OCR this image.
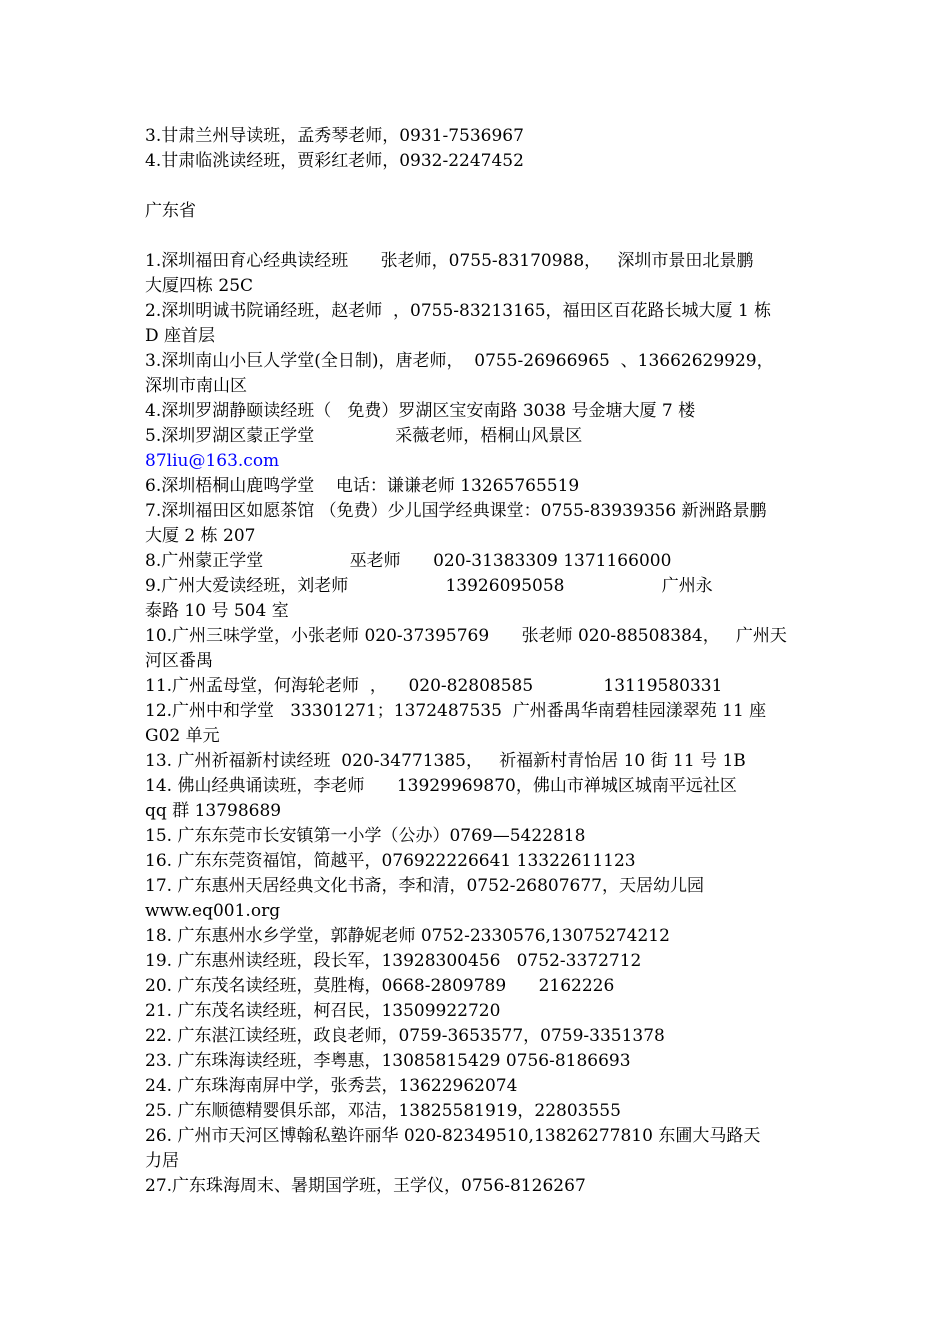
3.甘肃兰州导读班，孟秀琴老师，0931-7536967
4.甘肃临洮读经班，贾彩红老师，0932-2247452
广东省
1.深圳福田育心经典读经班      张老师，0755-83170988，   深圳市景田北景鹏
大厦四栋 25C
2.深圳明诚书院诵经班，赵老师  ，0755-83213165，福田区百花路长城大厦 1 栋
D 座首层
3.深圳南山小巨人学堂(全日制)，唐老师，  0755-26966965  、13662629929，
深圳市南山区
4.深圳罗湖静颐读经班（   免费）罗湖区宝安南路 3038 号金塘大厦 7 楼
5.深圳罗湖区蒙正学堂               采薇老师，梧桐山风景区
87liu@163.com
6.深圳梧桐山鹿鸣学堂    电话：谦谦老师 13265765519
7.深圳福田区如愿茶馆 （免费）少儿国学经典课堂：0755-83939356 新洲路景鹏
大厦 2 栋 207
8.广州蒙正学堂                巫老师      020-31383309 1371166000
9.广州大爱读经班，刘老师                  13926095058                  广州永
泰路 10 号 504 室
10.广州三味学堂，小张老师 020-37395769      张老师 020-88508384，   广州天
河区番禺
11.广州孟母堂，何海轮老师  ，    020-82808585             13119580331
12.广州中和学堂   33301271；1372487535  广州番禺华南碧桂园漾翠苑 11 座
G02 单元
13. 广州祈福新村读经班  020-34771385，   祈福新村青怡居 10 街 11 号 1B
14. 佛山经典诵读班，李老师      13929969870，佛山市禅城区城南平远社区
qq 群 13798689
15. 广东东莞市长安镇第一小学（公办）0769—5422818
16. 广东东莞资福馆，简越平，076922226641 13322611123
17. 广东惠州天居经典文化书斋，李和清，0752-26807677，天居幼儿园
www.eq001.org
18. 广东惠州水乡学堂，郭静妮老师 0752-2330576,13075274212
19. 广东惠州读经班，段长军，13928300456   0752-3372712
20. 广东茂名读经班，莫胜梅，0668-2809789      2162226
21. 广东茂名读经班，柯召民，13509922720
22. 广东湛江读经班，政良老师，0759-3653577，0759-3351378
23. 广东珠海读经班，李粤惠，13085815429 0756-8186693
24. 广东珠海南屏中学，张秀芸，13622962074
25. 广东顺德精婴俱乐部，邓洁，13825581919，22803555
26. 广州市天河区博翰私塾许丽华 020-82349510,13826277810 东圃大马路天
力居
27.广东珠海周末、暑期国学班，王学仪，0756-8126267
